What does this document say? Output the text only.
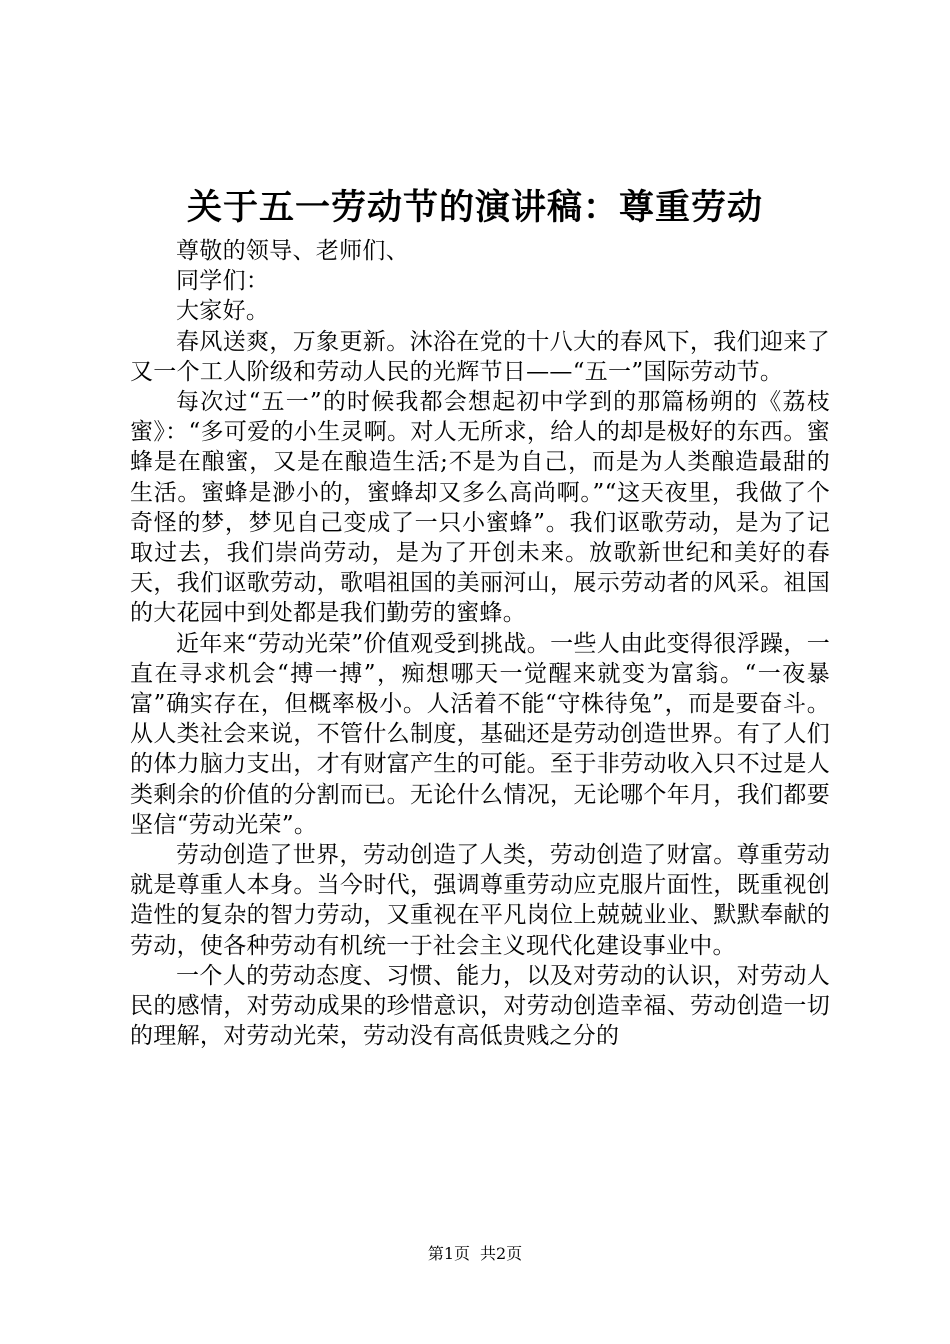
关于五一劳动节的演讲稿：尊重劳动

尊敬的领导、老师们、

同学们：

大家好。

春风送爽，万象更新。沐浴在党的十八大的春风下，我们迎来了又一个工人阶级和劳动人民的光辉节日——“五一”国际劳动节。

每次过“五一”的时候我都会想起初中学到的那篇杨朔的《荔枝蜜》：“多可爱的小生灵啊。对人无所求，给人的却是极好的东西。蜜蜂是在酿蜜，又是在酿造生活;不是为自己，而是为人类酿造最甜的生活。蜜蜂是渺小的，蜜蜂却又多么高尚啊。”“这天夜里，我做了个奇怪的梦，梦见自己变成了一只小蜜蜂”。我们讴歌劳动，是为了记取过去，我们崇尚劳动，是为了开创未来。放歌新世纪和美好的春天，我们讴歌劳动，歌唱祖国的美丽河山，展示劳动者的风采。祖国的大花园中到处都是我们勤劳的蜜蜂。

近年来“劳动光荣”价值观受到挑战。一些人由此变得很浮躁，一直在寻求机会“搏一搏”，痴想哪天一觉醒来就变为富翁。“一夜暴富”确实存在，但概率极小。人活着不能“守株待兔”，而是要奋斗。从人类社会来说，不管什么制度，基础还是劳动创造世界。有了人们的体力脑力支出，才有财富产生的可能。至于非劳动收入只不过是人类剩余的价值的分割而已。无论什么情况，无论哪个年月，我们都要坚信“劳动光荣”。

劳动创造了世界，劳动创造了人类，劳动创造了财富。尊重劳动就是尊重人本身。当今时代，强调尊重劳动应克服片面性，既重视创造性的复杂的智力劳动，又重视在平凡岗位上兢兢业业、默默奉献的劳动，使各种劳动有机统一于社会主义现代化建设事业中。

一个人的劳动态度、习惯、能力，以及对劳动的认识，对劳动人民的感情，对劳动成果的珍惜意识，对劳动创造幸福、劳动创造一切的理解，对劳动光荣，劳动没有高低贵贱之分的

第1页 共2页
